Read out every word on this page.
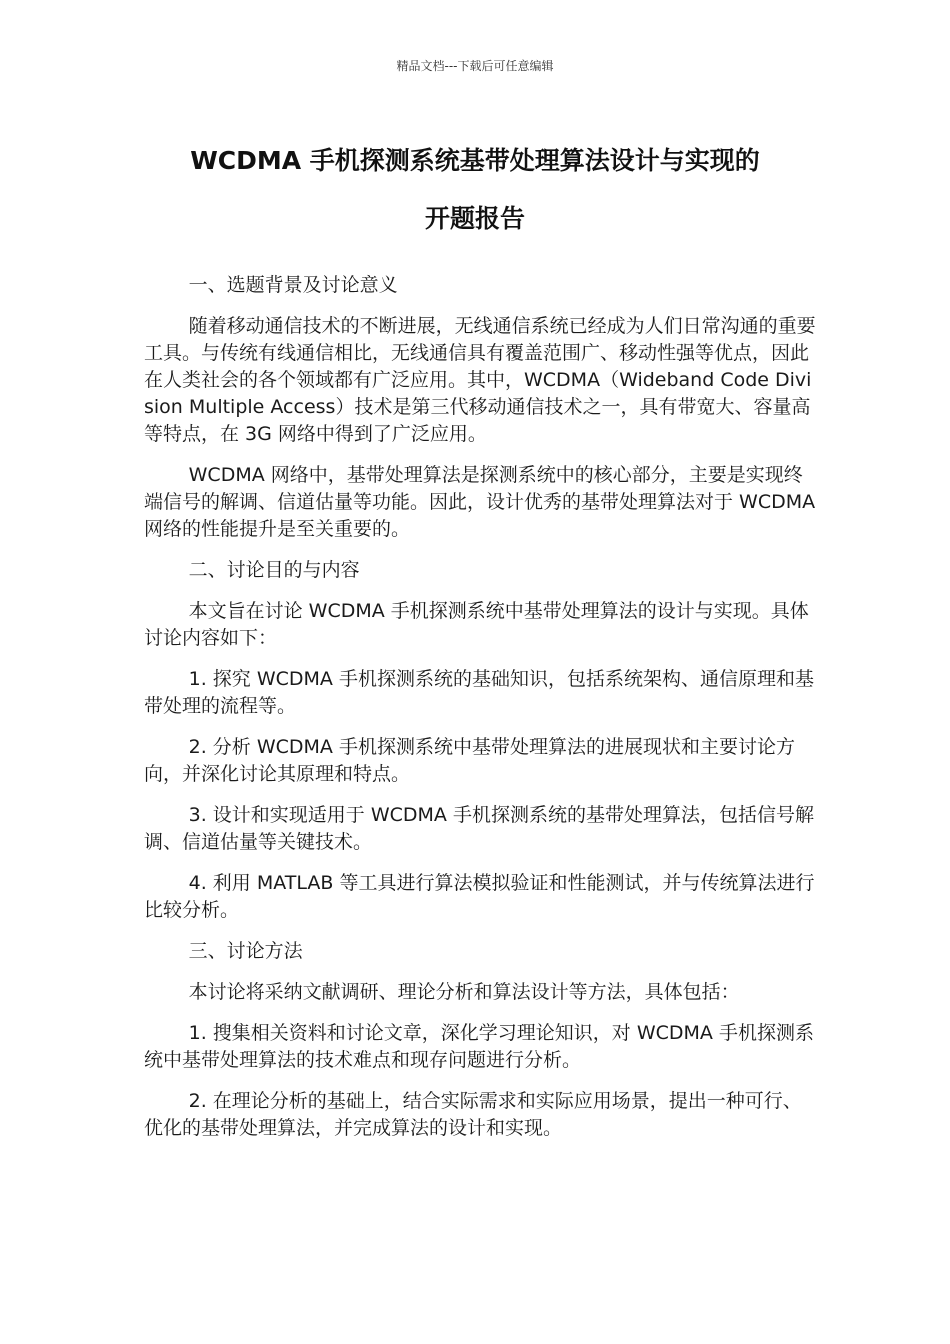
精品文档---下载后可任意编辑
WCDMA 手机探测系统基带处理算法设计与实现的
开题报告

一、选题背景及讨论意义

随着移动通信技术的不断进展，无线通信系统已经成为人们日常沟通的重要工具。与传统有线通信相比，无线通信具有覆盖范围广、移动性强等优点，因此在人类社会的各个领域都有广泛应用。其中，WCDMA（Wideband Code Division Multiple Access）技术是第三代移动通信技术之一，具有带宽大、容量高等特点，在 3G 网络中得到了广泛应用。

WCDMA 网络中，基带处理算法是探测系统中的核心部分，主要是实现终端信号的解调、信道估量等功能。因此，设计优秀的基带处理算法对于 WCDMA 网络的性能提升是至关重要的。

二、讨论目的与内容

本文旨在讨论 WCDMA 手机探测系统中基带处理算法的设计与实现。具体讨论内容如下：

1. 探究 WCDMA 手机探测系统的基础知识，包括系统架构、通信原理和基带处理的流程等。

2. 分析 WCDMA 手机探测系统中基带处理算法的进展现状和主要讨论方向，并深化讨论其原理和特点。

3. 设计和实现适用于 WCDMA 手机探测系统的基带处理算法，包括信号解调、信道估量等关键技术。

4. 利用 MATLAB 等工具进行算法模拟验证和性能测试，并与传统算法进行比较分析。

三、讨论方法

本讨论将采纳文献调研、理论分析和算法设计等方法，具体包括：

1. 搜集相关资料和讨论文章，深化学习理论知识，对 WCDMA 手机探测系统中基带处理算法的技术难点和现存问题进行分析。

2. 在理论分析的基础上，结合实际需求和实际应用场景，提出一种可行、优化的基带处理算法，并完成算法的设计和实现。
